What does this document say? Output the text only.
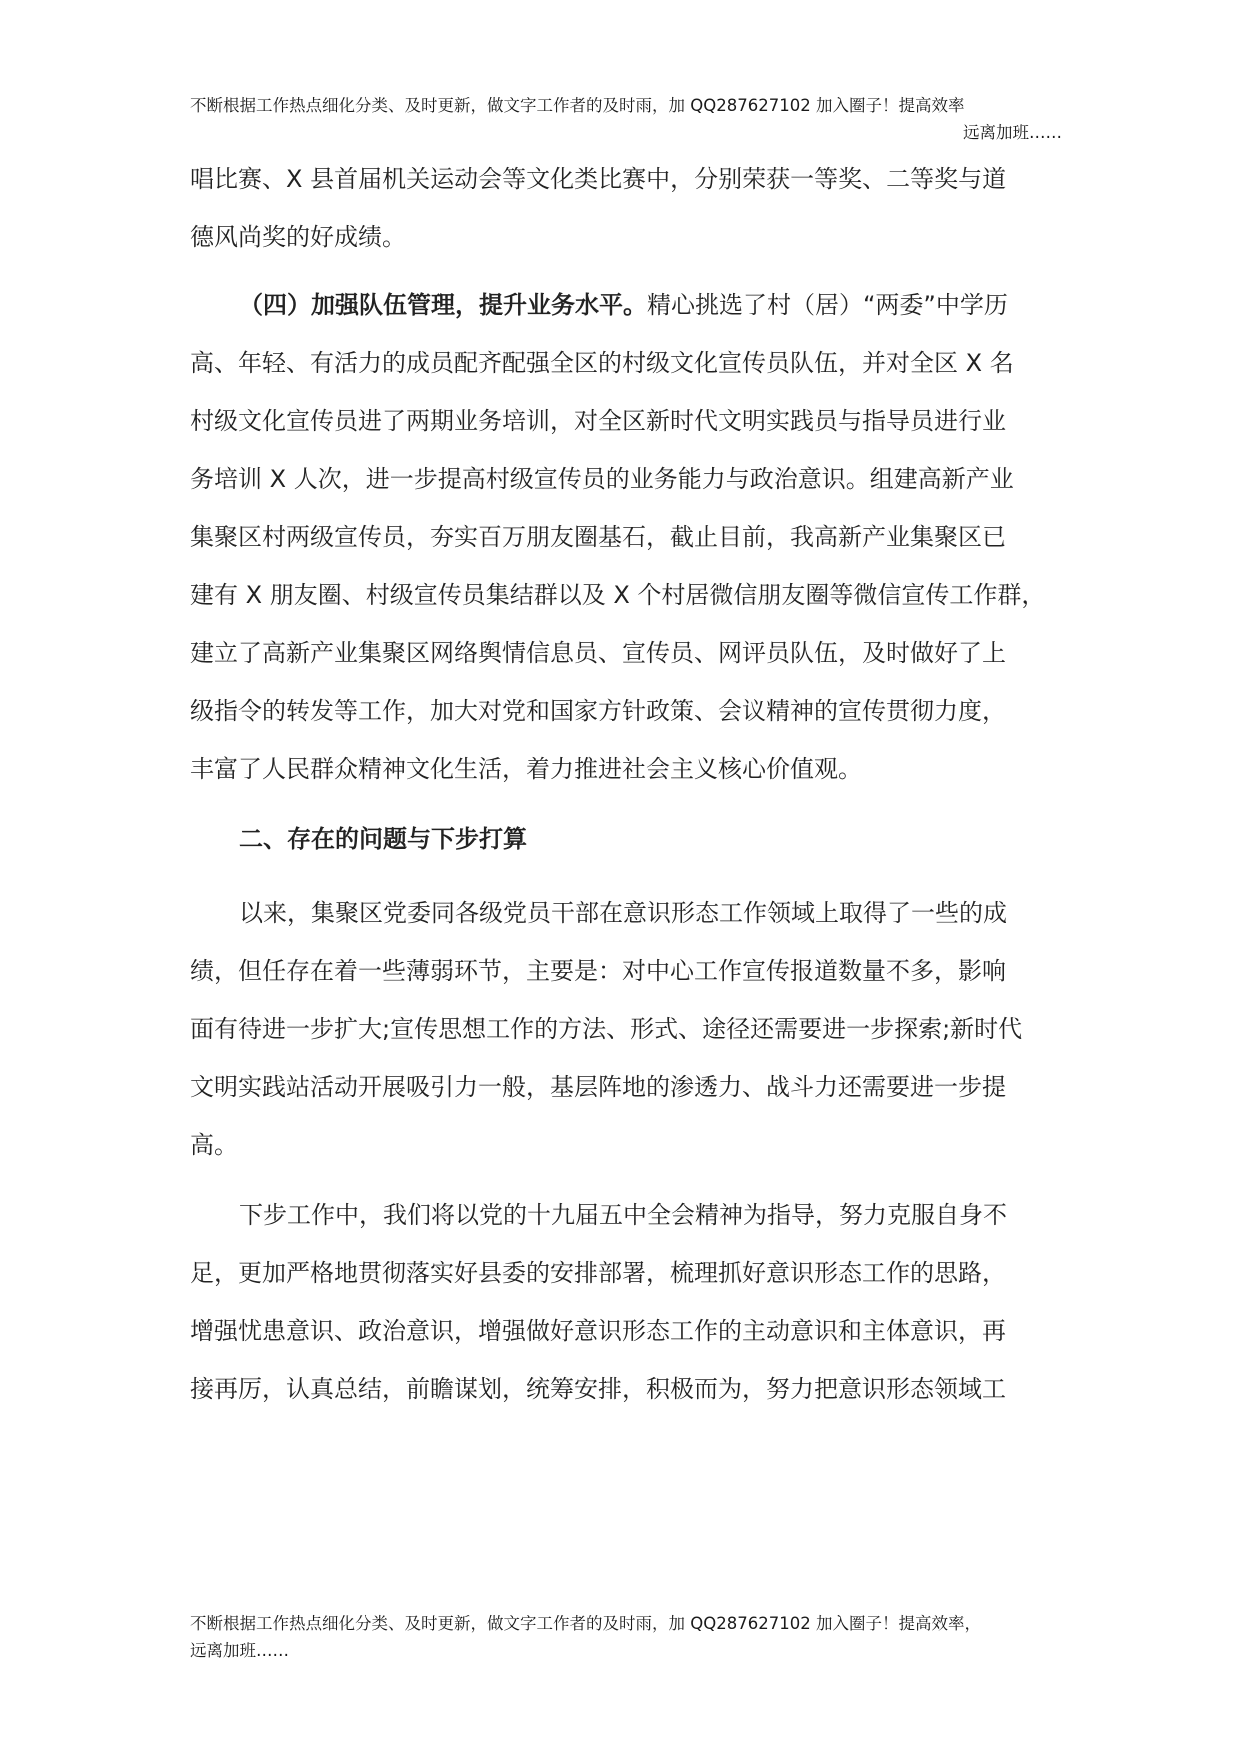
不断根据工作热点细化分类、及时更新，做文字工作者的及时雨，加 QQ287627102 加入圈子！提高效率
远离加班……
唱比赛、X 县首届机关运动会等文化类比赛中，分别荣获一等奖、二等奖与道
德风尚奖的好成绩。
（四）加强队伍管理，提升业务水平。精心挑选了村（居）“两委”中学历
高、年轻、有活力的成员配齐配强全区的村级文化宣传员队伍，并对全区 X 名
村级文化宣传员进了两期业务培训，对全区新时代文明实践员与指导员进行业
务培训 X 人次，进一步提高村级宣传员的业务能力与政治意识。组建高新产业
集聚区村两级宣传员，夯实百万朋友圈基石，截止目前，我高新产业集聚区已
建有 X 朋友圈、村级宣传员集结群以及 X 个村居微信朋友圈等微信宣传工作群，
建立了高新产业集聚区网络舆情信息员、宣传员、网评员队伍，及时做好了上
级指令的转发等工作，加大对党和国家方针政策、会议精神的宣传贯彻力度，
丰富了人民群众精神文化生活，着力推进社会主义核心价值观。
二、存在的问题与下步打算
以来，集聚区党委同各级党员干部在意识形态工作领域上取得了一些的成
绩，但任存在着一些薄弱环节，主要是：对中心工作宣传报道数量不多，影响
面有待进一步扩大;宣传思想工作的方法、形式、途径还需要进一步探索;新时代
文明实践站活动开展吸引力一般，基层阵地的渗透力、战斗力还需要进一步提
高。
下步工作中，我们将以党的十九届五中全会精神为指导，努力克服自身不
足，更加严格地贯彻落实好县委的安排部署，梳理抓好意识形态工作的思路，
增强忧患意识、政治意识，增强做好意识形态工作的主动意识和主体意识，再
接再厉，认真总结，前瞻谋划，统筹安排，积极而为，努力把意识形态领域工
不断根据工作热点细化分类、及时更新，做文字工作者的及时雨，加 QQ287627102 加入圈子！提高效率，
远离加班……
